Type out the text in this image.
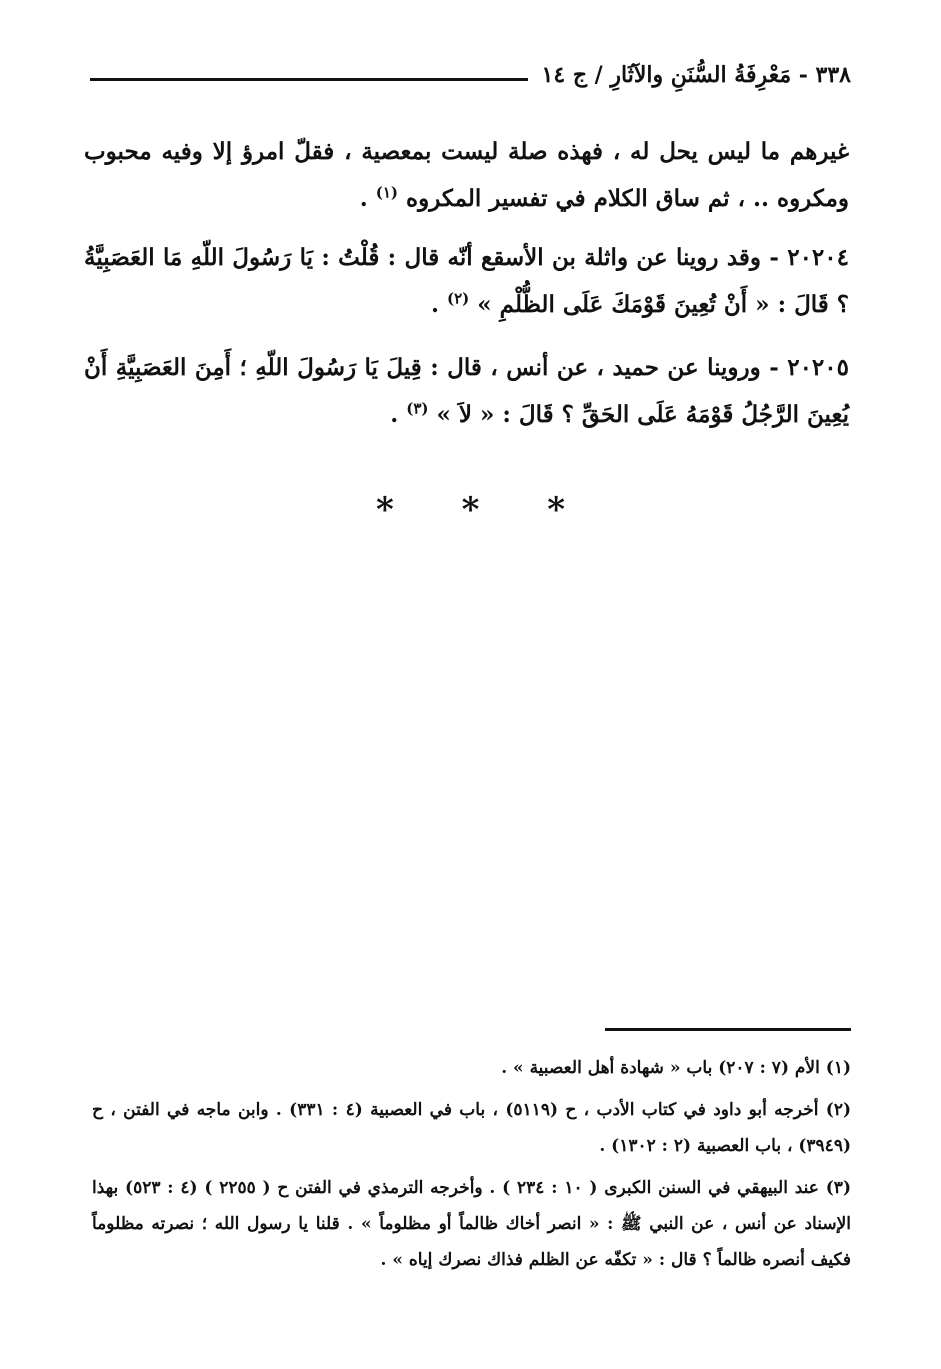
٣٣٨ - مَعْرِفَةُ السُّنَنِ والآثَارِ / ج ١٤

غيرهم ما ليس يحل له ، فهذه صلة ليست بمعصية ، فقلّ امرؤ إلا وفيه محبوب ومكروه .. ، ثم ساق الكلام في تفسير المكروه $^{(١)}$ .

٢٠٢٠٤ - وقد روينا عن واثلة بن الأسقع أنّه قال : قُلْتُ : يَا رَسُولَ اللّهِ مَا العَصَبِيَّةُ ؟ قَالَ : « أَنْ تُعِينَ قَوْمَكَ عَلَى الظُّلْمِ » $^{(٢)}$ .

٢٠٢٠٥ - وروينا عن حميد ، عن أنس ، قال : قِيلَ يَا رَسُولَ اللّهِ ؛ أَمِنَ العَصَبِيَّةِ أَنْ يُعِينَ الرَّجُلُ قَوْمَهُ عَلَى الحَقِّ ؟ قَالَ : « لاَ » $^{(٣)}$ .

* * *

(١) الأم (٧ : ٢٠٧) باب « شهادة أهل العصبية » .

(٢) أخرجه أبو داود في كتاب الأدب ، ح (٥١١٩) ، باب في العصبية (٤ : ٣٣١) . وابن ماجه في الفتن ، ح (٣٩٤٩) ، باب العصبية (٢ : ١٣٠٢) .

(٣) عند البيهقي في السنن الكبرى ( ١٠ : ٢٣٤ ) . وأخرجه الترمذي في الفتن ح ( ٢٢٥٥ ) (٤ : ٥٢٣) بهذا الإسناد عن أنس ، عن النبي ﷺ : « انصر أخاك ظالماً أو مظلوماً » . قلنا يا رسول الله ؛ نصرته مظلوماً فكيف أنصره ظالماً ؟ قال : « تكفّه عن الظلم فذاك نصرك إياه » .
